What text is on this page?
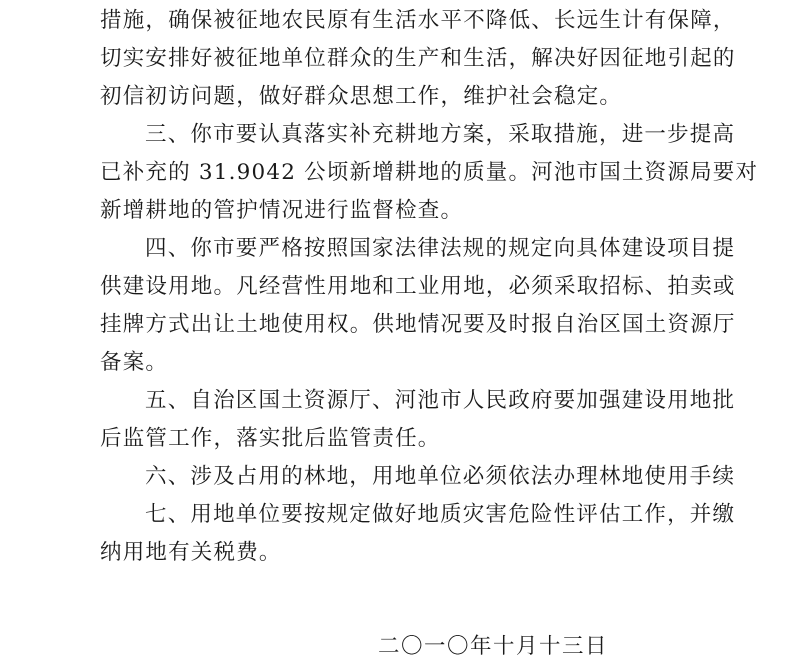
措施，确保被征地农民原有生活水平不降低、长远生计有保障，
切实安排好被征地单位群众的生产和生活，解决好因征地引起的
初信初访问题，做好群众思想工作，维护社会稳定。
三、你市要认真落实补充耕地方案，采取措施，进一步提高
已补充的 31.9042 公顷新增耕地的质量。河池市国土资源局要对
新增耕地的管护情况进行监督检查。
四、你市要严格按照国家法律法规的规定向具体建设项目提
供建设用地。凡经营性用地和工业用地，必须采取招标、拍卖或
挂牌方式出让土地使用权。供地情况要及时报自治区国土资源厅
备案。
五、自治区国土资源厅、河池市人民政府要加强建设用地批
后监管工作，落实批后监管责任。
六、涉及占用的林地，用地单位必须依法办理林地使用手续
七、用地单位要按规定做好地质灾害危险性评估工作，并缴
纳用地有关税费。
二〇一〇年十月十三日
